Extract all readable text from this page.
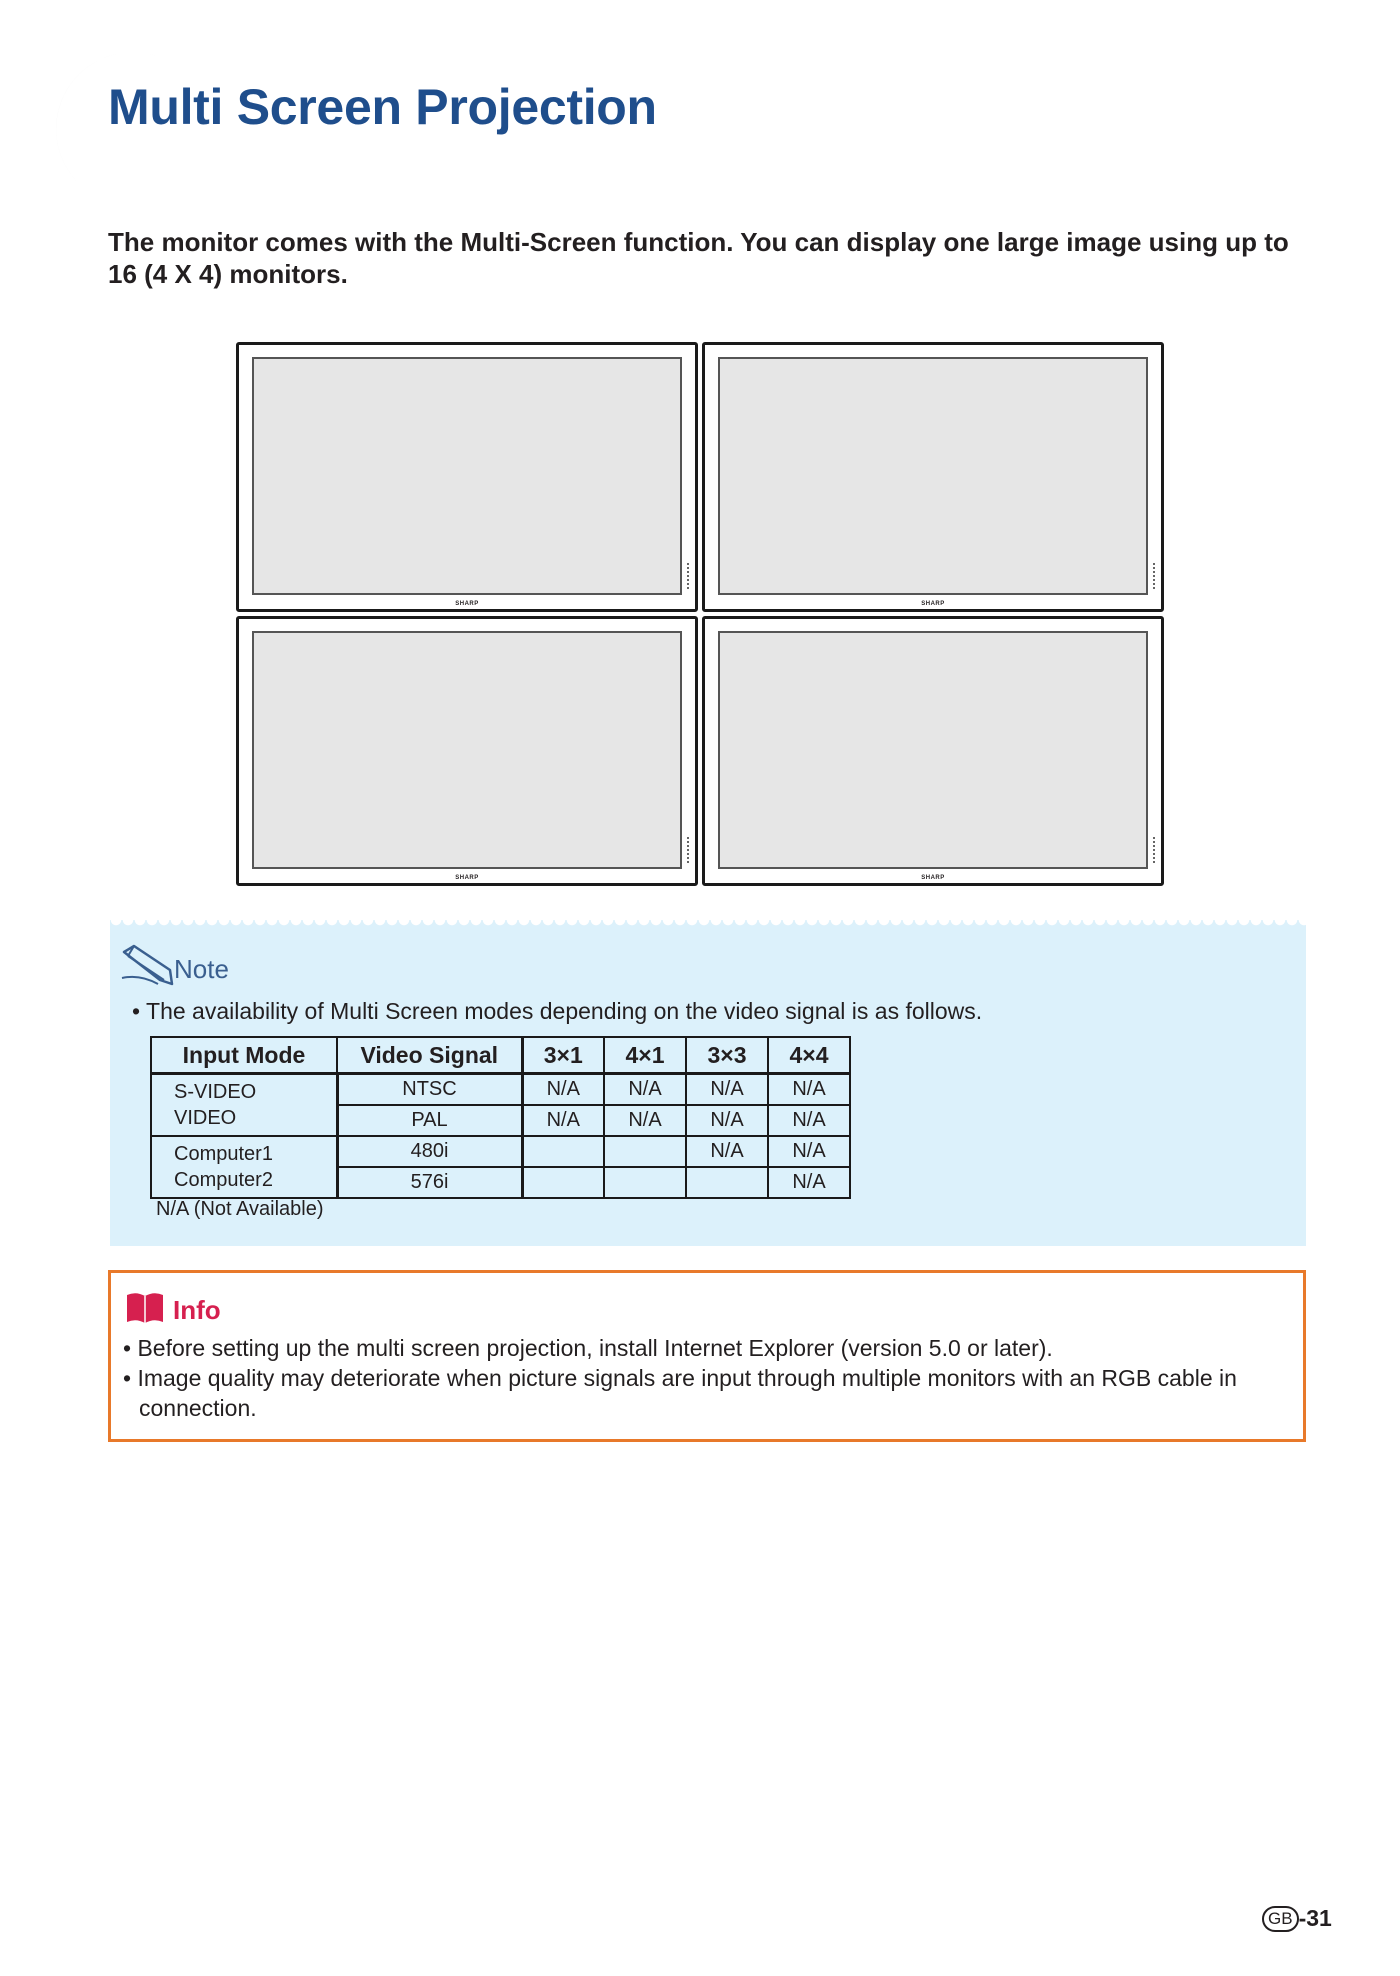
Multi Screen Projection

The monitor comes with the Multi-Screen function. You can display one large image using up to 16 (4 X 4) monitors.

SHARP	SHARP
SHARP	SHARP
Note
• The availability of Multi Screen modes depending on the video signal is as follows.
Input Mode	Video Signal	3×1	4×1	3×3	4×4
S-VIDEO
VIDEO	NTSC	N/A	N/A	N/A	N/A
	PAL	N/A	N/A	N/A	N/A
Computer1
Computer2	480i			N/A	N/A
	576i				N/A
N/A (Not Available)
Info
• Before setting up the multi screen projection, install Internet Explorer (version 5.0 or later).
• Image quality may deteriorate when picture signals are input through multiple monitors with an RGB cable in connection.
GB -31
